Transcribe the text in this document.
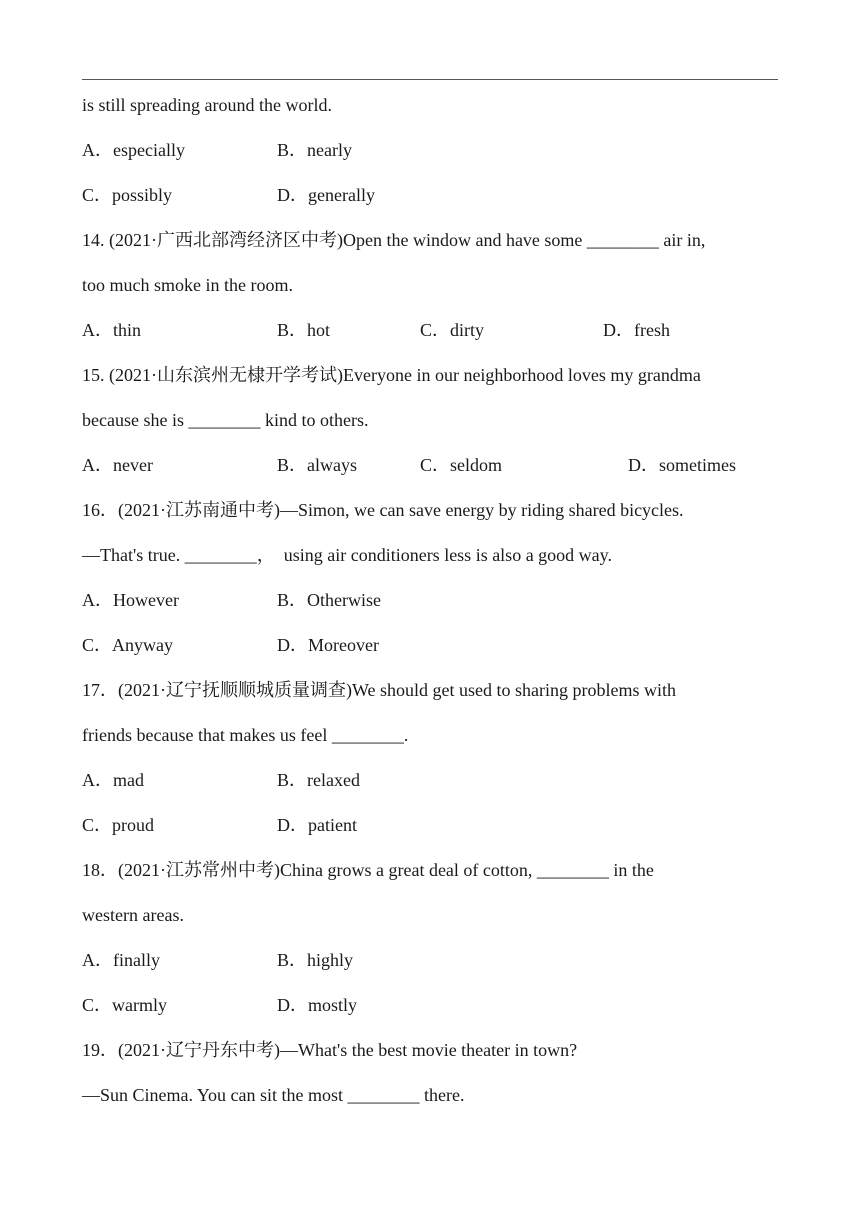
is still spreading around the world.
A．especially	B．nearly
C．possibly	D．generally
14. (2021·广西北部湾经济区中考)Open the window and have some ________ air in,
too much smoke in the room.
A．thin	B．hot	C．dirty	D．fresh
15. (2021·山东滨州无棣开学考试)Everyone in our neighborhood loves my grandma
because she is ________ kind to others.
A．never	B．always	C．seldom	D．sometimes
16．(2021·江苏南通中考)—Simon, we can save energy by riding shared bicycles.
—That's true. ________，  using air conditioners less is also a good way.
A．However	B．Otherwise
C．Anyway	D．Moreover
17．(2021·辽宁抚顺顺城质量调查)We should get used to sharing problems with
friends because that makes us feel ________.
A．mad	B．relaxed
C．proud	D．patient
18．(2021·江苏常州中考)China grows a great deal of cotton, ________ in the
western areas.
A．finally	B．highly
C．warmly	D．mostly
19．(2021·辽宁丹东中考)—What's the best movie theater in town?
—Sun Cinema. You can sit the most ________ there.
